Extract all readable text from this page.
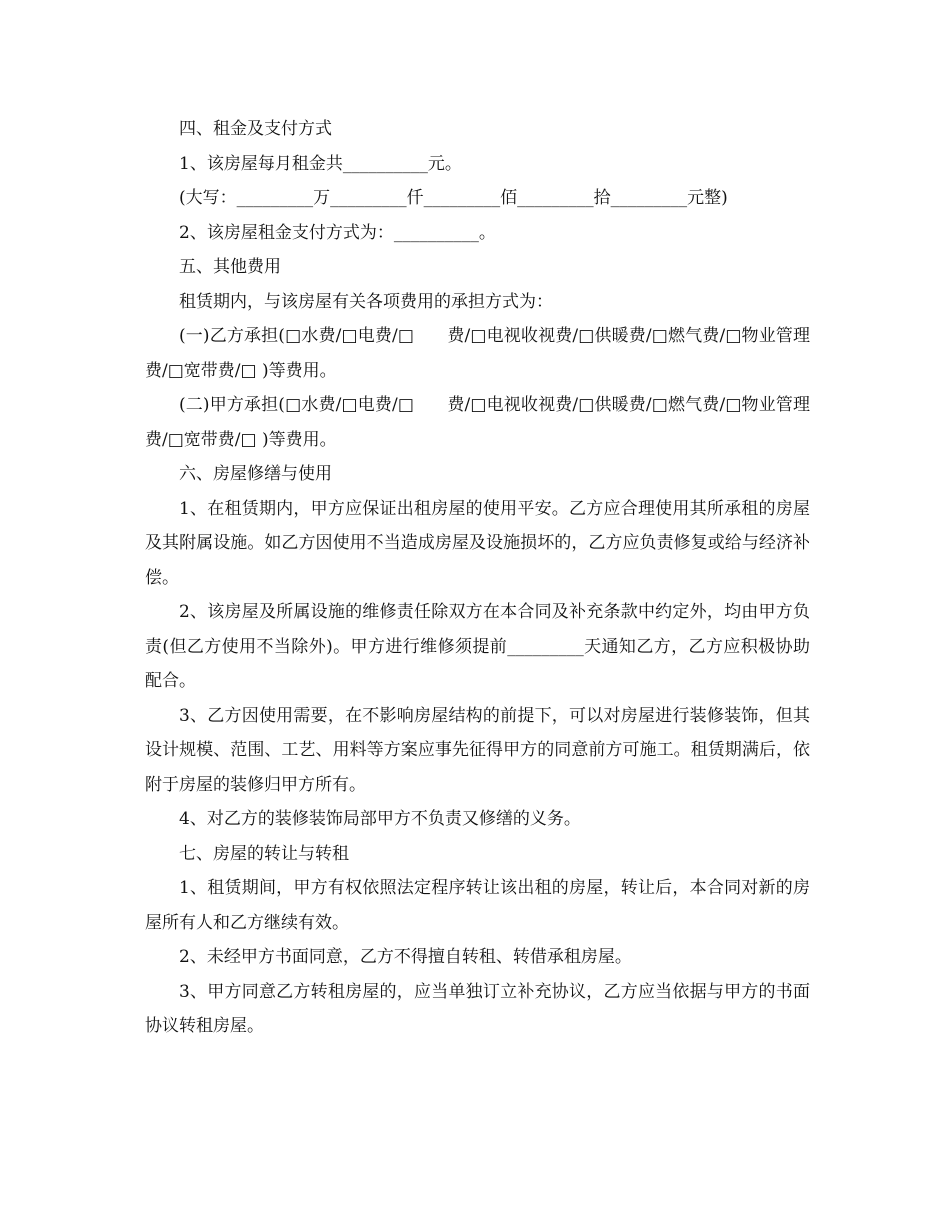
四、租金及支付方式

1、该房屋每月租金共__________元。

(大写：_________万_________仟_________佰_________拾_________元整)

2、该房屋租金支付方式为：__________。

五、其他费用

租赁期内，与该房屋有关各项费用的承担方式为：

(一)乙方承担(□水费/□电费/□      费/□电视收视费/□供暖费/□燃气费/□物业管理费/□宽带费/□ )等费用。

(二)甲方承担(□水费/□电费/□      费/□电视收视费/□供暖费/□燃气费/□物业管理费/□宽带费/□ )等费用。

六、房屋修缮与使用

1、在租赁期内，甲方应保证出租房屋的使用平安。乙方应合理使用其所承租的房屋及其附属设施。如乙方因使用不当造成房屋及设施损坏的，乙方应负责修复或给与经济补偿。

2、该房屋及所属设施的维修责任除双方在本合同及补充条款中约定外，均由甲方负责(但乙方使用不当除外)。甲方进行维修须提前_________天通知乙方，乙方应积极协助配合。

3、乙方因使用需要，在不影响房屋结构的前提下，可以对房屋进行装修装饰，但其设计规模、范围、工艺、用料等方案应事先征得甲方的同意前方可施工。租赁期满后，依附于房屋的装修归甲方所有。

4、对乙方的装修装饰局部甲方不负责又修缮的义务。

七、房屋的转让与转租

1、租赁期间，甲方有权依照法定程序转让该出租的房屋，转让后，本合同对新的房屋所有人和乙方继续有效。

2、未经甲方书面同意，乙方不得擅自转租、转借承租房屋。

3、甲方同意乙方转租房屋的，应当单独订立补充协议，乙方应当依据与甲方的书面协议转租房屋。
